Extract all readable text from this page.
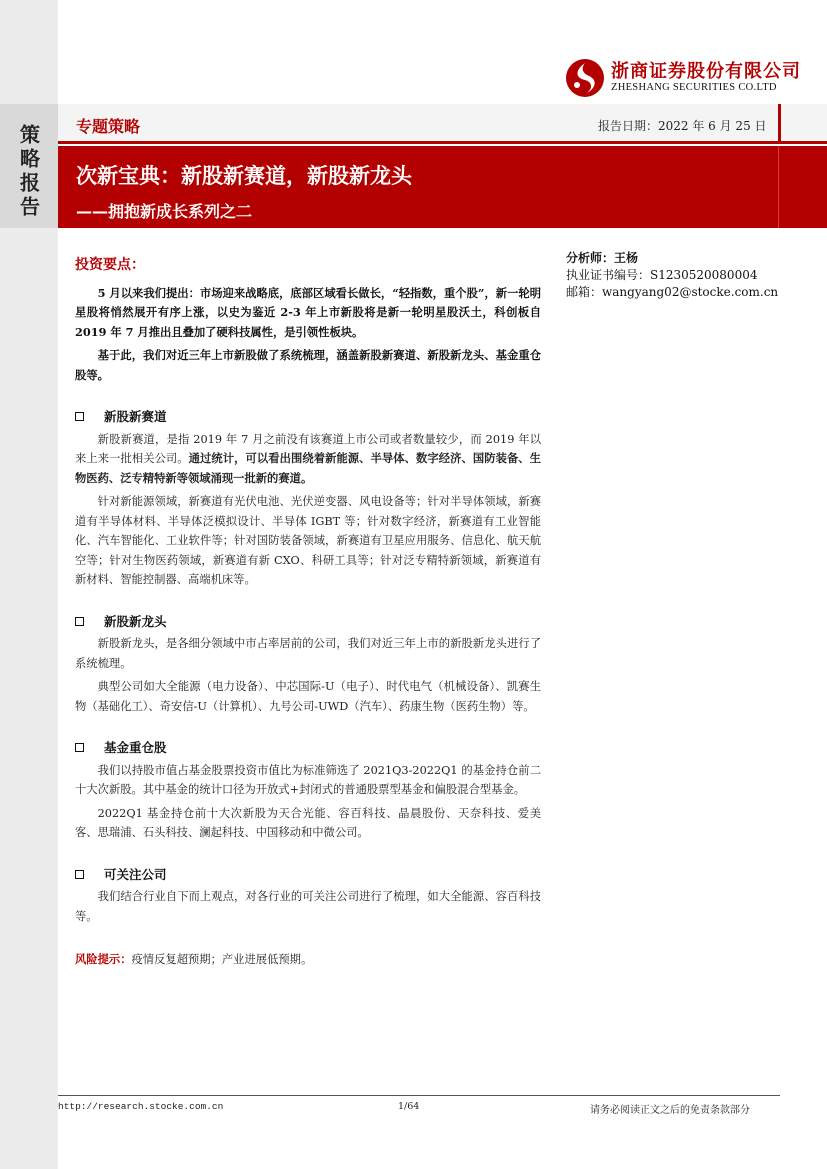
策略报告
浙商证券股份有限公司
ZHESHANG SECURITIES CO.LTD
专题策略	报告日期：2022 年 6 月 25 日
次新宝典：新股新赛道，新股新龙头
——拥抱新成长系列之二
分析师：王杨
执业证书编号：S1230520080004
邮箱：wangyang02@stocke.com.cn
投资要点：

5 月以来我们提出：市场迎来战略底，底部区域看长做长，“轻指数，重个股”，新一轮明星股将悄然展开有序上涨，以史为鉴近 2-3 年上市新股将是新一轮明星股沃土，科创板自 2019 年 7 月推出且叠加了硬科技属性，是引领性板块。

基于此，我们对近三年上市新股做了系统梳理，涵盖新股新赛道、新股新龙头、基金重仓股等。

新股新赛道

新股新赛道，是指 2019 年 7 月之前没有该赛道上市公司或者数量较少，而 2019 年以来上来一批相关公司。通过统计，可以看出围绕着新能源、半导体、数字经济、国防装备、生物医药、泛专精特新等领域涌现一批新的赛道。

针对新能源领域，新赛道有光伏电池、光伏逆变器、风电设备等；针对半导体领域，新赛道有半导体材料、半导体泛模拟设计、半导体 IGBT 等；针对数字经济，新赛道有工业智能化、汽车智能化、工业软件等；针对国防装备领域，新赛道有卫星应用服务、信息化、航天航空等；针对生物医药领域，新赛道有新 CXO、科研工具等；针对泛专精特新领域，新赛道有新材料、智能控制器、高端机床等。

新股新龙头

新股新龙头，是各细分领域中市占率居前的公司，我们对近三年上市的新股新龙头进行了系统梳理。

典型公司如大全能源（电力设备）、中芯国际-U（电子）、时代电气（机械设备）、凯赛生物（基础化工）、奇安信-U（计算机）、九号公司-UWD（汽车）、药康生物（医药生物）等。

基金重仓股

我们以持股市值占基金股票投资市值比为标准筛选了 2021Q3-2022Q1 的基金持仓前二十大次新股。其中基金的统计口径为开放式+封闭式的普通股票型基金和偏股混合型基金。

2022Q1 基金持仓前十大次新股为天合光能、容百科技、晶晨股份、天奈科技、爱美客、思瑞浦、石头科技、澜起科技、中国移动和中微公司。

可关注公司

我们结合行业自下而上观点，对各行业的可关注公司进行了梳理，如大全能源、容百科技等。

风险提示：疫情反复超预期；产业进展低预期。

http://research.stocke.com.cn	1/64	请务必阅读正文之后的免责条款部分
